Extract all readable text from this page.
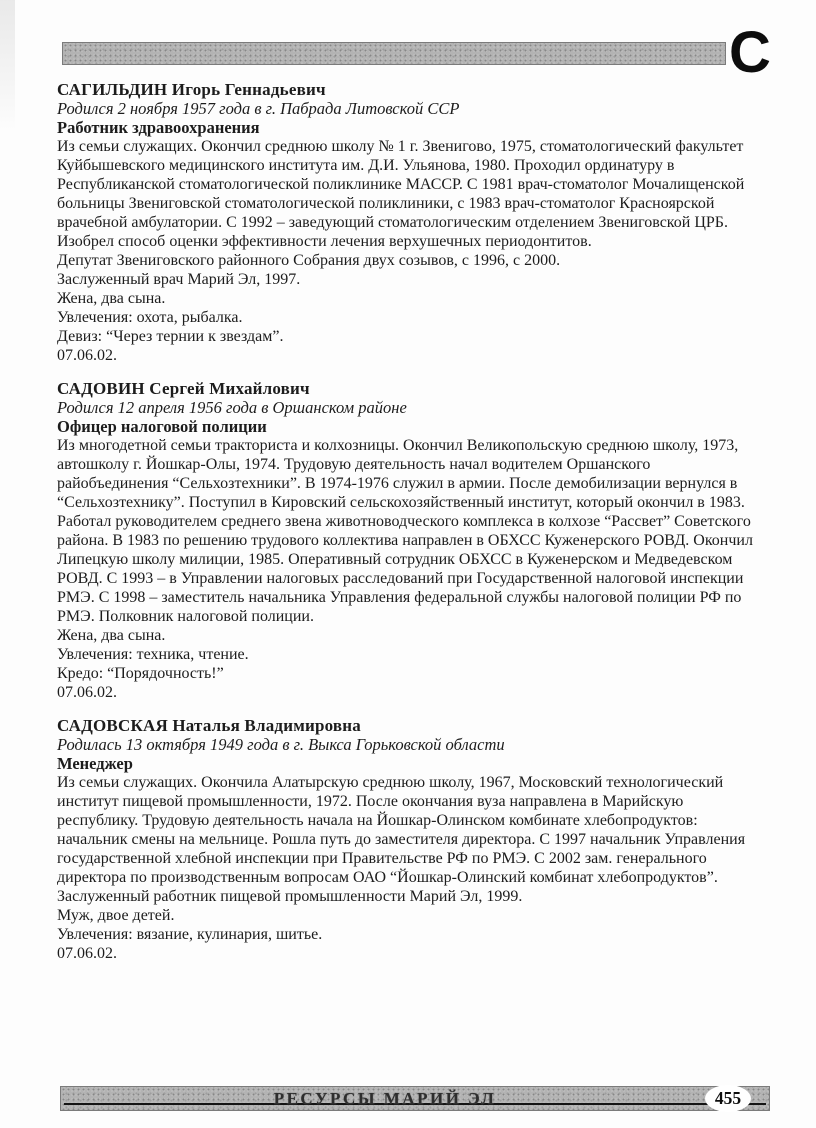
С
САГИЛЬДИН Игорь Геннадьевич
Родился 2 ноября 1957 года в г. Пабрада Литовской ССР
Работник здравоохранения
Из семьи служащих. Окончил среднюю школу № 1 г. Звенигово, 1975, стоматологический факультет Куйбышевского медицинского института им. Д.И. Ульянова, 1980. Проходил ординатуру в Республиканской стоматологической поликлинике МАССР. С 1981 врач-стоматолог Мочалищенской больницы Звениговской стоматологической поликлиники, с 1983 врач-стоматолог Красноярской врачебной амбулатории. С 1992 – заведующий стоматологическим отделением Звениговской ЦРБ. Изобрел способ оценки эффективности лечения верхушечных периодонтитов.
Депутат Звениговского районного Собрания двух созывов, с 1996, с 2000.
Заслуженный врач Марий Эл, 1997.
Жена, два сына.
Увлечения: охота, рыбалка.
Девиз: “Через тернии к звездам”.
07.06.02.
САДОВИН Сергей Михайлович
Родился 12 апреля 1956 года в Оршанском районе
Офицер налоговой полиции
Из многодетной семьи тракториста и колхозницы. Окончил Великопольскую среднюю школу, 1973, автошколу г. Йошкар-Олы, 1974. Трудовую деятельность начал водителем Оршанского райобъединения “Сельхозтехники”. В 1974-1976 служил в армии. После демобилизации вернулся в “Сельхозтехнику”. Поступил в Кировский сельскохозяйственный институт, который окончил в 1983. Работал руководителем среднего звена животноводческого комплекса в колхозе “Рассвет” Советского района. В 1983 по решению трудового коллектива направлен в ОБХСС Куженерского РОВД. Окончил Липецкую школу милиции, 1985. Оперативный сотрудник ОБХСС в Куженерском и Медведевском РОВД. С 1993 – в Управлении налоговых расследований при Государственной налоговой инспекции РМЭ. С 1998 – заместитель начальника Управления федеральной службы налоговой полиции РФ по РМЭ. Полковник налоговой полиции.
Жена, два сына.
Увлечения: техника, чтение.
Кредо: “Порядочность!”
07.06.02.
САДОВСКАЯ Наталья Владимировна
Родилась 13 октября 1949 года в г. Выкса Горьковской области
Менеджер
Из семьи служащих. Окончила Алатырскую среднюю школу, 1967, Московский технологический институт пищевой промышленности, 1972. После окончания вуза направлена в Марийскую республику. Трудовую деятельность начала на Йошкар-Олинском комбинате хлебопродуктов: начальник смены на мельнице. Рошла путь до заместителя директора. С 1997 начальник Управления государственной хлебной инспекции при Правительстве РФ по РМЭ. С 2002 зам. генерального директора по производственным вопросам ОАО “Йошкар-Олинский комбинат хлебопродуктов”.
Заслуженный работник пищевой промышленности Марий Эл, 1999.
Муж, двое детей.
Увлечения: вязание, кулинария, шитье.
07.06.02.
РЕСУРСЫ МАРИЙ ЭЛ	455
